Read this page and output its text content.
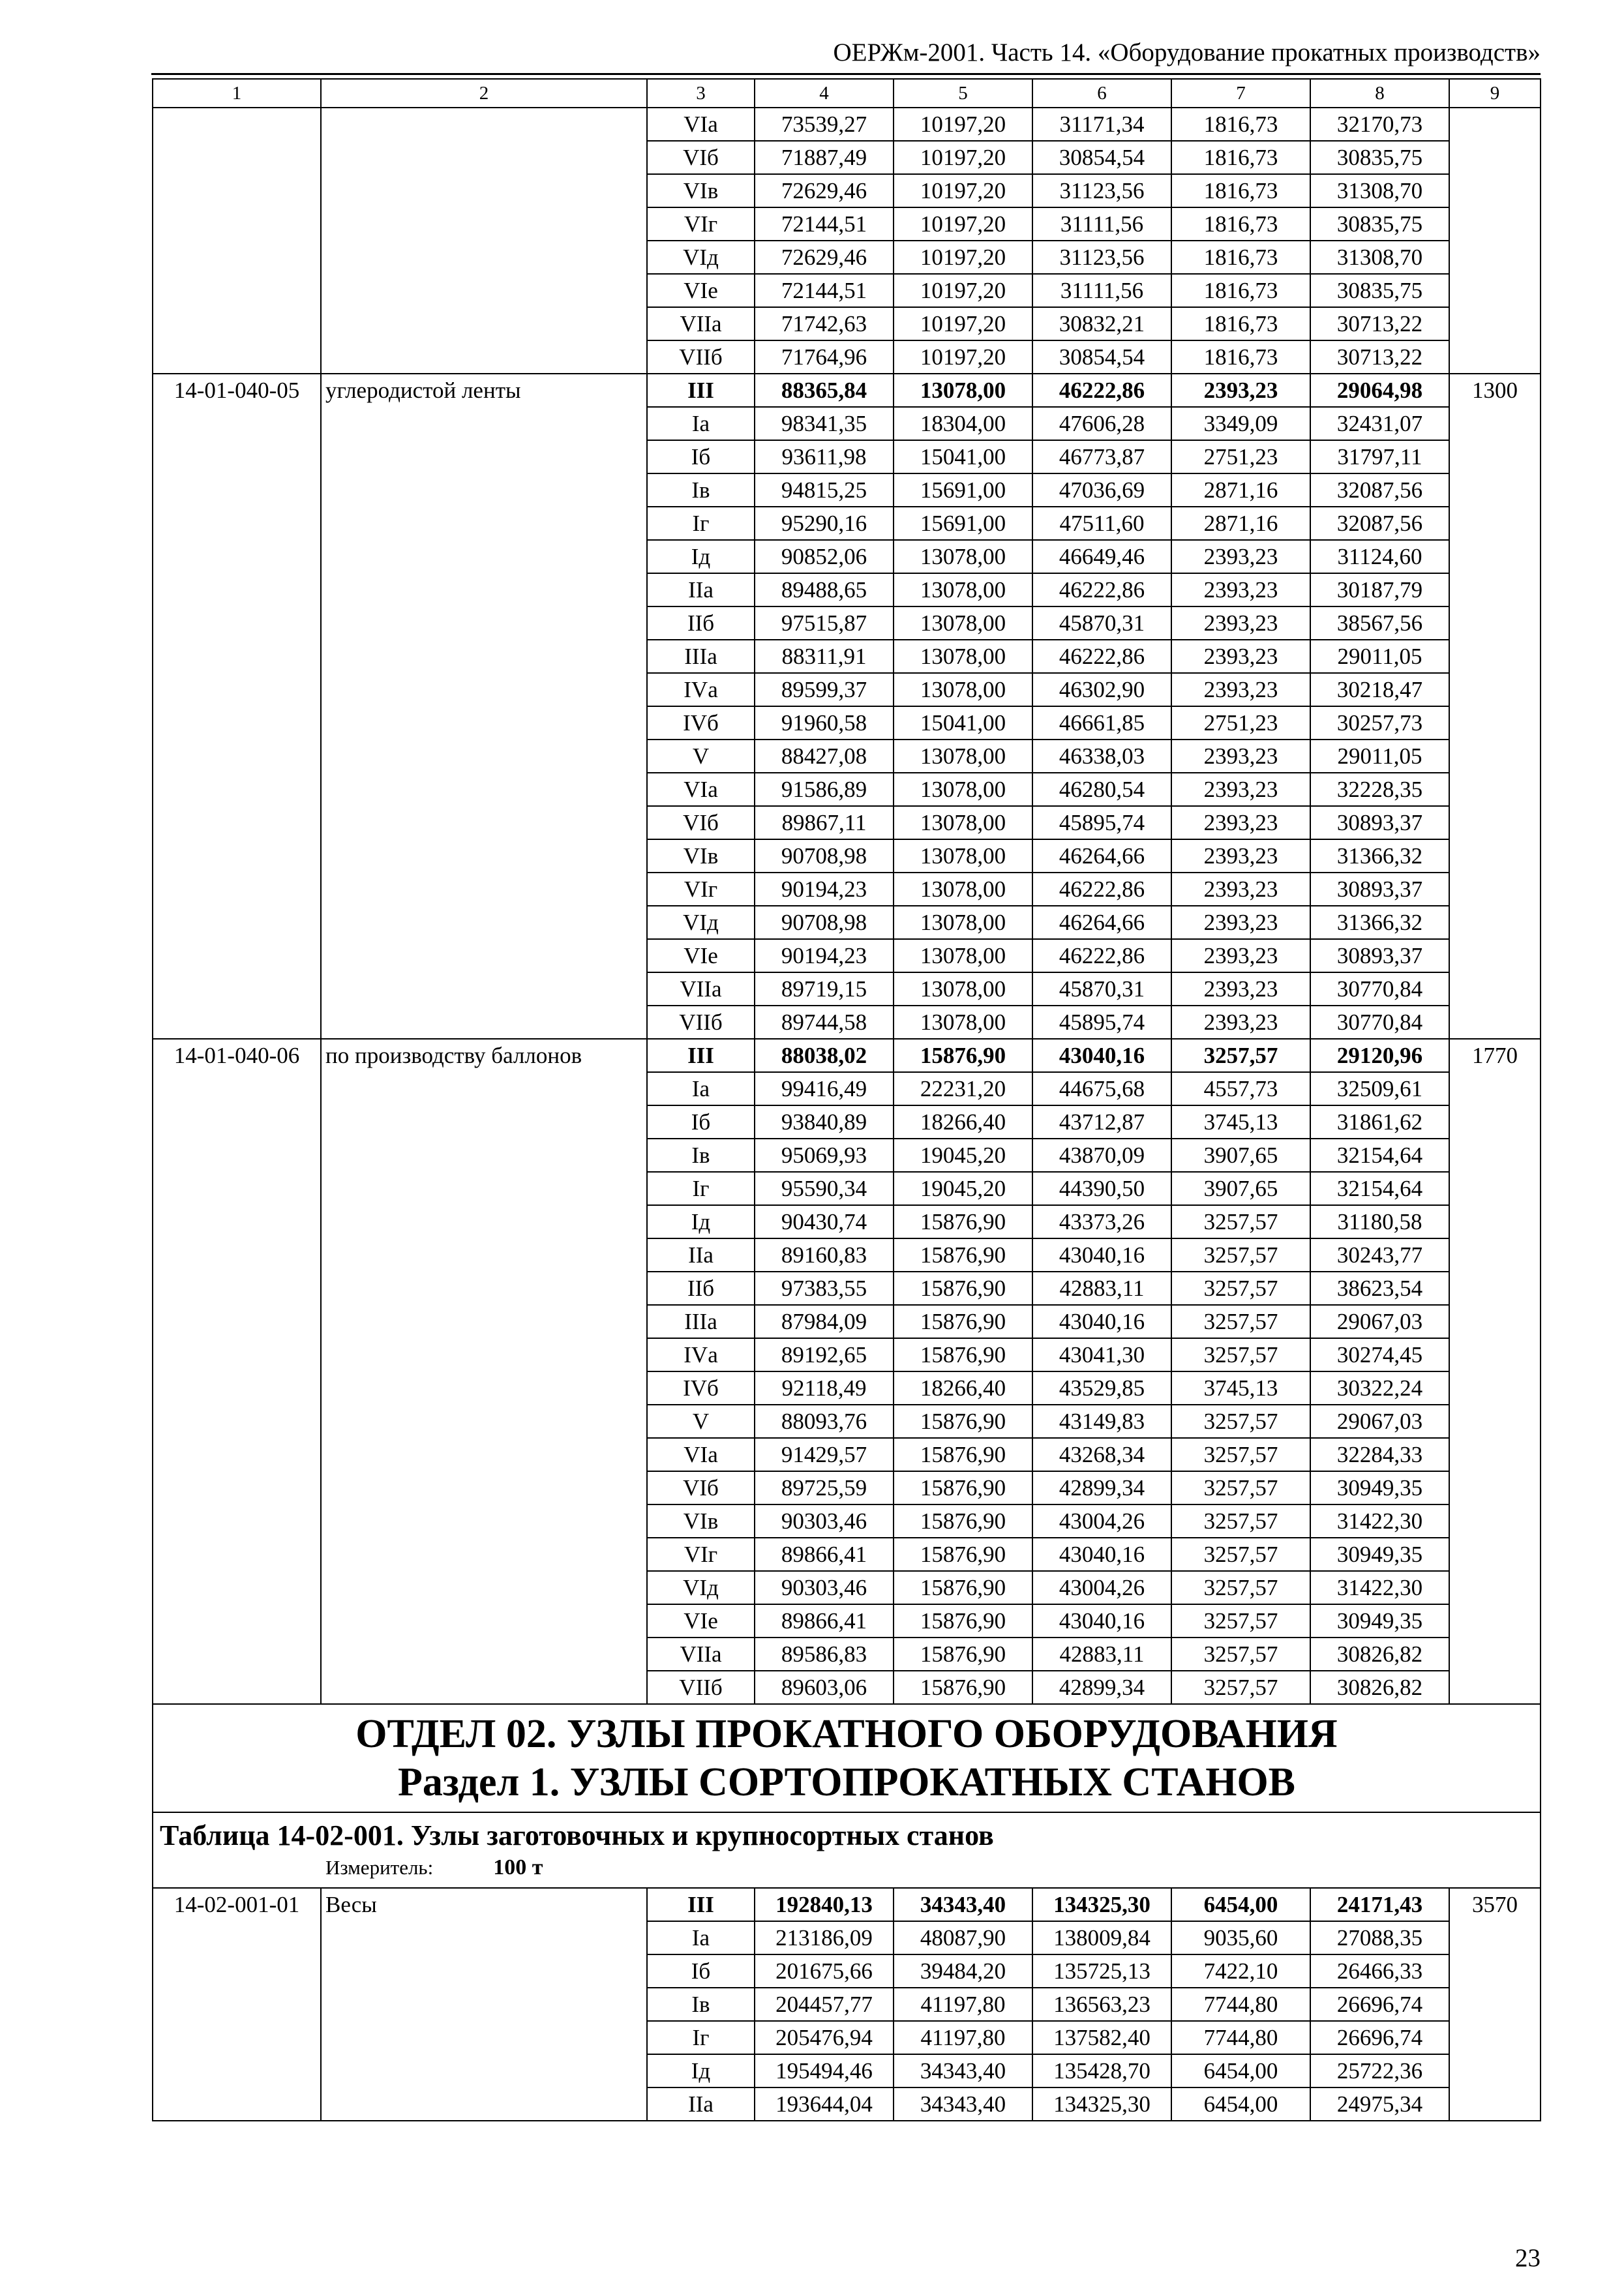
ОЕРЖм-2001. Часть 14. «Оборудование прокатных производств»
1	2	3	4	5	6	7	8	9
		VIа	73539,27	10197,20	31171,34	1816,73	32170,73	
		VIб	71887,49	10197,20	30854,54	1816,73	30835,75	
		VIв	72629,46	10197,20	31123,56	1816,73	31308,70	
		VIг	72144,51	10197,20	31111,56	1816,73	30835,75	
		VIд	72629,46	10197,20	31123,56	1816,73	31308,70	
		VIе	72144,51	10197,20	31111,56	1816,73	30835,75	
		VIIа	71742,63	10197,20	30832,21	1816,73	30713,22	
		VIIб	71764,96	10197,20	30854,54	1816,73	30713,22	
14-01-040-05	углеродистой ленты	III	88365,84	13078,00	46222,86	2393,23	29064,98	1300
		Iа	98341,35	18304,00	47606,28	3349,09	32431,07	
		Iб	93611,98	15041,00	46773,87	2751,23	31797,11	
		Iв	94815,25	15691,00	47036,69	2871,16	32087,56	
		Iг	95290,16	15691,00	47511,60	2871,16	32087,56	
		Iд	90852,06	13078,00	46649,46	2393,23	31124,60	
		IIа	89488,65	13078,00	46222,86	2393,23	30187,79	
		IIб	97515,87	13078,00	45870,31	2393,23	38567,56	
		IIIа	88311,91	13078,00	46222,86	2393,23	29011,05	
		IVа	89599,37	13078,00	46302,90	2393,23	30218,47	
		IVб	91960,58	15041,00	46661,85	2751,23	30257,73	
		V	88427,08	13078,00	46338,03	2393,23	29011,05	
		VIа	91586,89	13078,00	46280,54	2393,23	32228,35	
		VIб	89867,11	13078,00	45895,74	2393,23	30893,37	
		VIв	90708,98	13078,00	46264,66	2393,23	31366,32	
		VIг	90194,23	13078,00	46222,86	2393,23	30893,37	
		VIд	90708,98	13078,00	46264,66	2393,23	31366,32	
		VIе	90194,23	13078,00	46222,86	2393,23	30893,37	
		VIIа	89719,15	13078,00	45870,31	2393,23	30770,84	
		VIIб	89744,58	13078,00	45895,74	2393,23	30770,84	
14-01-040-06	по производству баллонов	III	88038,02	15876,90	43040,16	3257,57	29120,96	1770
		Iа	99416,49	22231,20	44675,68	4557,73	32509,61	
		Iб	93840,89	18266,40	43712,87	3745,13	31861,62	
		Iв	95069,93	19045,20	43870,09	3907,65	32154,64	
		Iг	95590,34	19045,20	44390,50	3907,65	32154,64	
		Iд	90430,74	15876,90	43373,26	3257,57	31180,58	
		IIа	89160,83	15876,90	43040,16	3257,57	30243,77	
		IIб	97383,55	15876,90	42883,11	3257,57	38623,54	
		IIIа	87984,09	15876,90	43040,16	3257,57	29067,03	
		IVа	89192,65	15876,90	43041,30	3257,57	30274,45	
		IVб	92118,49	18266,40	43529,85	3745,13	30322,24	
		V	88093,76	15876,90	43149,83	3257,57	29067,03	
		VIа	91429,57	15876,90	43268,34	3257,57	32284,33	
		VIб	89725,59	15876,90	42899,34	3257,57	30949,35	
		VIв	90303,46	15876,90	43004,26	3257,57	31422,30	
		VIг	89866,41	15876,90	43040,16	3257,57	30949,35	
		VIд	90303,46	15876,90	43004,26	3257,57	31422,30	
		VIе	89866,41	15876,90	43040,16	3257,57	30949,35	
		VIIа	89586,83	15876,90	42883,11	3257,57	30826,82	
		VIIб	89603,06	15876,90	42899,34	3257,57	30826,82	

ОТДЕЛ 02. УЗЛЫ ПРОКАТНОГО ОБОРУДОВАНИЯ
Раздел 1. УЗЛЫ СОРТОПРОКАТНЫХ СТАНОВ								

Таблица 14-02-001. Узлы заготовочных и крупносортных станов
Измеритель: 100 т								

14-02-001-01	Весы	III	192840,13	34343,40	134325,30	6454,00	24171,43	3570
		Iа	213186,09	48087,90	138009,84	9035,60	27088,35	
		Iб	201675,66	39484,20	135725,13	7422,10	26466,33	
		Iв	204457,77	41197,80	136563,23	7744,80	26696,74	
		Iг	205476,94	41197,80	137582,40	7744,80	26696,74	
		Iд	195494,46	34343,40	135428,70	6454,00	25722,36	
		IIа	193644,04	34343,40	134325,30	6454,00	24975,34	
23
